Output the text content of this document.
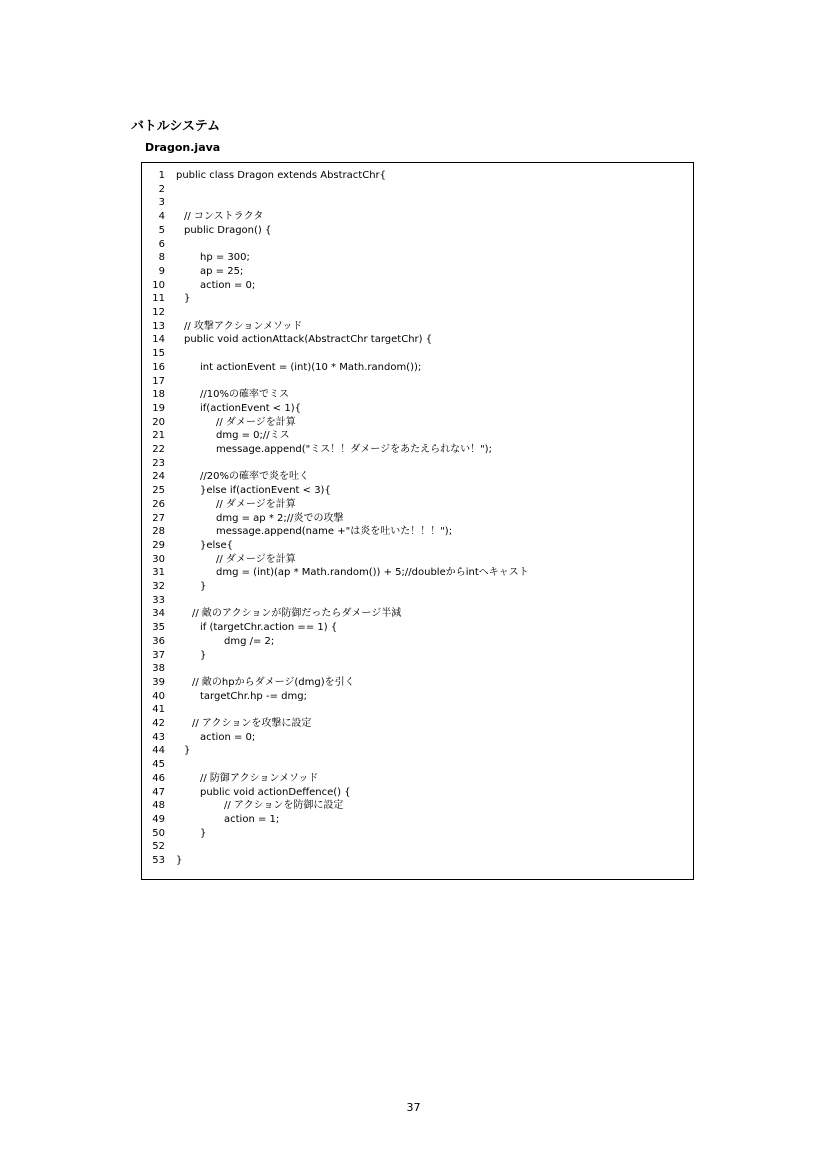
バトルシステム
Dragon.java
1 public class Dragon extends AbstractChr{
2
3
4 // コンストラクタ
5 public Dragon() {
6
8	hp = 300;
9	ap = 25;
10	action = 0;
11 }
12
13 // 攻撃アクションメソッド
14 public void actionAttack(AbstractChr targetChr) {
15
16	int actionEvent = (int)(10 * Math.random());
17
18	//10%の確率でミス
19	if(actionEvent < 1){
20	// ダメージを計算
21	dmg = 0;//ミス
22	message.append("ミス！！ダメージをあたえられない！");
23
24	//20%の確率で炎を吐く
25	}else if(actionEvent < 3){
26	// ダメージを計算
27	dmg = ap * 2;//炎での攻撃
28	message.append(name +"は炎を吐いた！！！");
29	}else{
30	// ダメージを計算
31	dmg = (int)(ap * Math.random()) + 5;//doubleからintへキャスト
32	}
33
34	// 敵のアクションが防御だったらダメージ半減
35	if (targetChr.action == 1) {
36	dmg /= 2;
37	}
38
39	// 敵のhpからダメージ(dmg)を引く
40	targetChr.hp -= dmg;
41
42	// アクションを攻撃に設定
43	action = 0;
44 }
45
46	// 防御アクションメソッド
47	public void actionDeffence() {
48	// アクションを防御に設定
49	action = 1;
50	}
52
53 }
37
